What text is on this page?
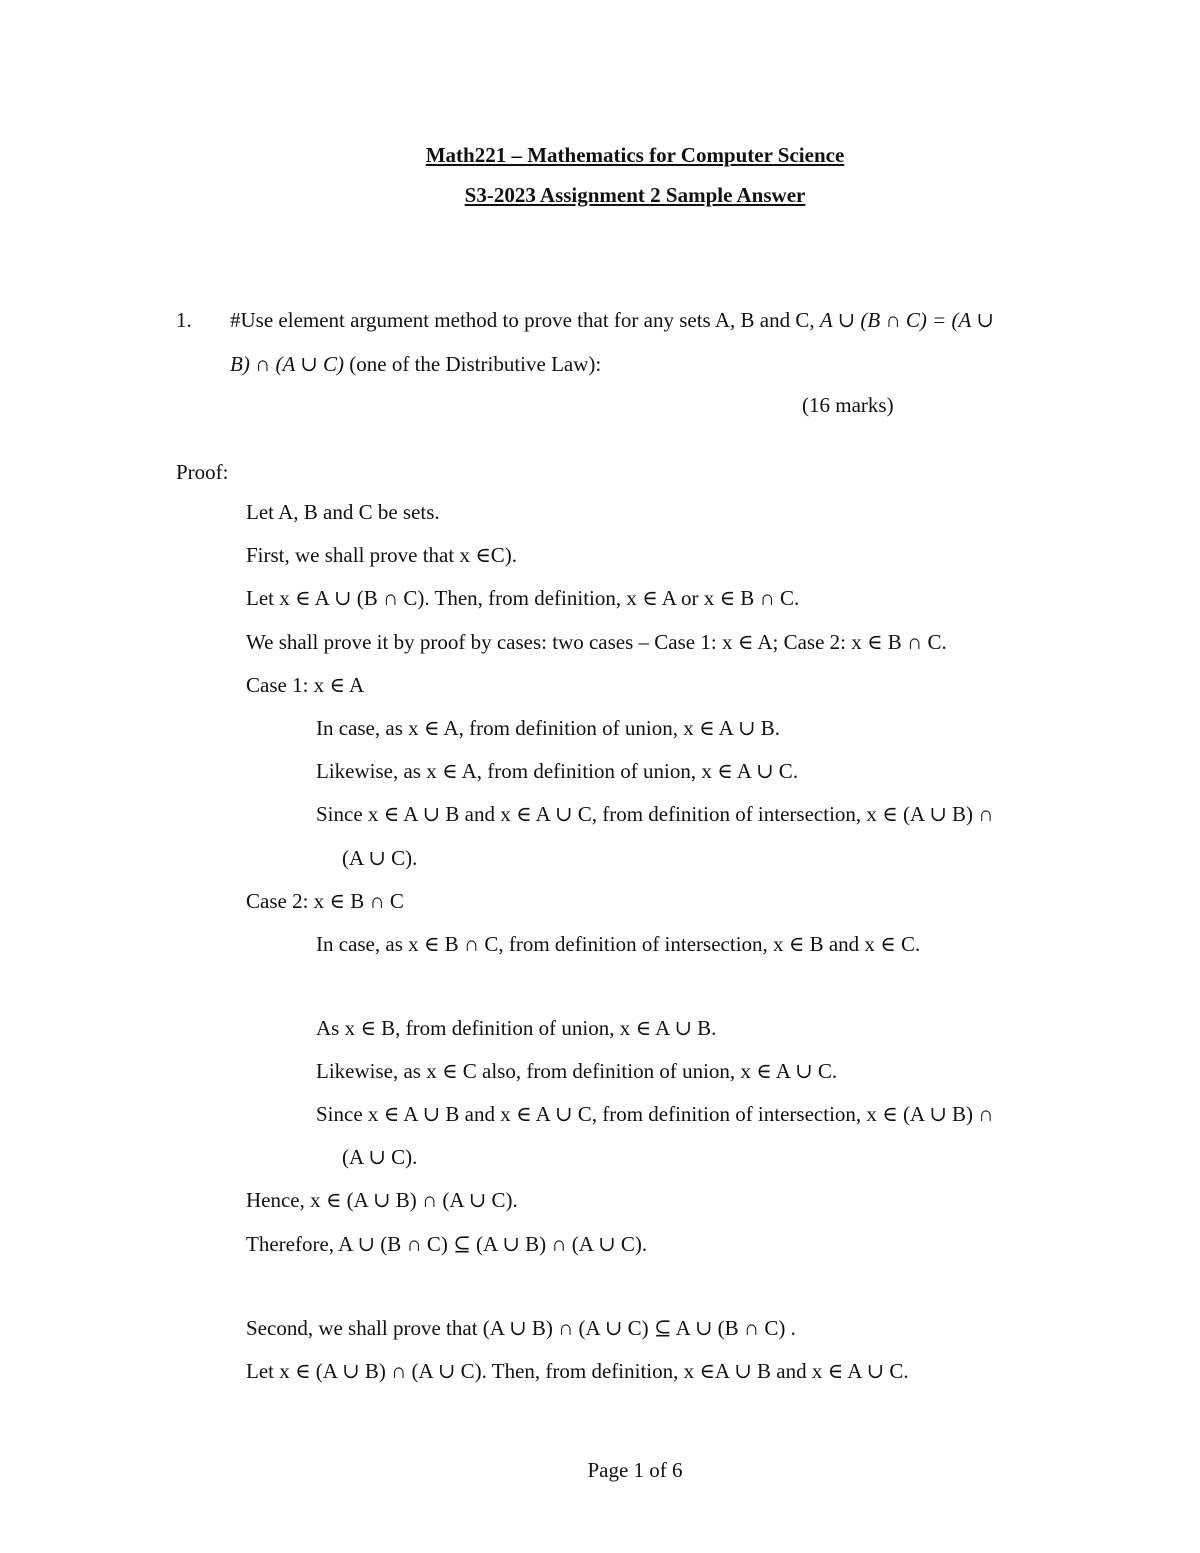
Math221 – Mathematics for Computer Science
S3-2023 Assignment 2 Sample Answer
1. #Use element argument method to prove that for any sets A, B and C, A ∪ (B ∩ C) = (A ∪
B) ∩ (A ∪ C) (one of the Distributive Law):
(16 marks)
Proof:
Let A, B and C be sets.
First, we shall prove that x ∈C).
Let x ∈ A ∪ (B ∩ C). Then, from definition, x ∈ A or x ∈ B ∩ C.
We shall prove it by proof by cases: two cases – Case 1: x ∈ A; Case 2: x ∈ B ∩ C.
Case 1: x ∈ A
In case, as x ∈ A, from definition of union, x ∈ A ∪ B.
Likewise, as x ∈ A, from definition of union, x ∈ A ∪ C.
Since x ∈ A ∪ B and x ∈ A ∪ C, from definition of intersection, x ∈ (A ∪ B) ∩
(A ∪ C).
Case 2: x ∈ B ∩ C
In case, as x ∈ B ∩ C, from definition of intersection, x ∈ B and x ∈ C.
As x ∈ B, from definition of union, x ∈ A ∪ B.
Likewise, as x ∈ C also, from definition of union, x ∈ A ∪ C.
Since x ∈ A ∪ B and x ∈ A ∪ C, from definition of intersection, x ∈ (A ∪ B) ∩
(A ∪ C).
Hence, x ∈ (A ∪ B) ∩ (A ∪ C).
Therefore, A ∪ (B ∩ C) ⊆ (A ∪ B) ∩ (A ∪ C).
Second, we shall prove that (A ∪ B) ∩ (A ∪ C) ⊆ A ∪ (B ∩ C) .
Let x ∈ (A ∪ B) ∩ (A ∪ C). Then, from definition, x ∈A ∪ B and x ∈ A ∪ C.
Page 1 of 6
